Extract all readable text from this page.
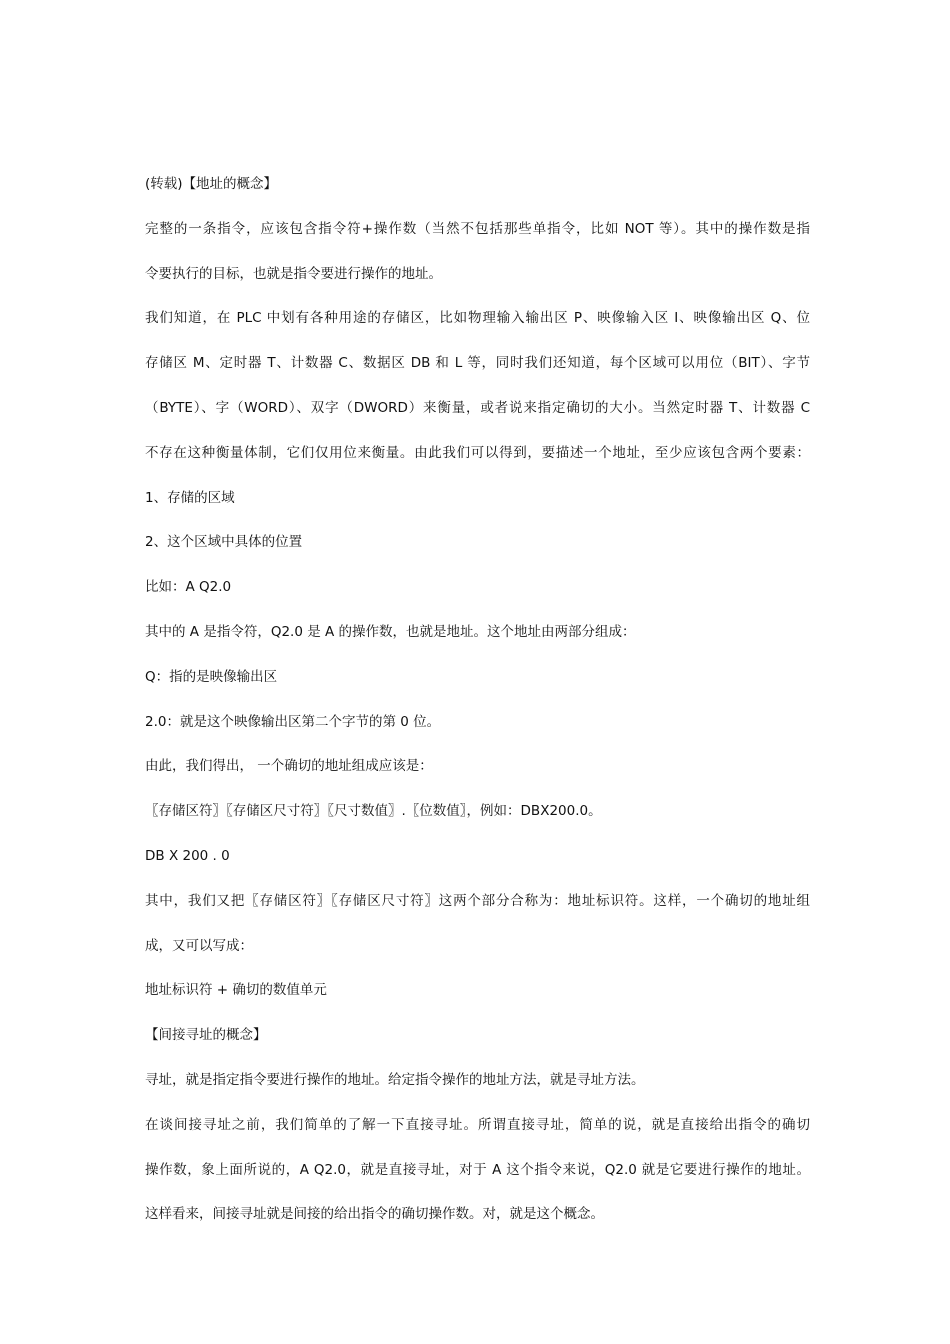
(转载)【地址的概念】
完整的一条指令，应该包含指令符+操作数（当然不包括那些单指令，比如 NOT 等）。其中的操作数是指
令要执行的目标，也就是指令要进行操作的地址。
我们知道，在 PLC 中划有各种用途的存储区，比如物理输入输出区 P、映像输入区 I、映像输出区 Q、位
存储区 M、定时器 T、计数器 C、数据区 DB 和 L 等，同时我们还知道，每个区域可以用位（BIT）、字节
（BYTE）、字（WORD）、双字（DWORD）来衡量，或者说来指定确切的大小。当然定时器 T、计数器 C
不存在这种衡量体制，它们仅用位来衡量。由此我们可以得到，要描述一个地址，至少应该包含两个要素：
1、存储的区域
2、这个区域中具体的位置
比如：A Q2.0
其中的 A 是指令符，Q2.0 是 A 的操作数，也就是地址。这个地址由两部分组成：
Q：指的是映像输出区
2.0：就是这个映像输出区第二个字节的第 0 位。
由此，我们得出， 一个确切的地址组成应该是：
〖存储区符〗〖存储区尺寸符〗〖尺寸数值〗.〖位数值〗，例如：DBX200.0。
DB X 200 . 0
其中，我们又把〖存储区符〗〖存储区尺寸符〗这两个部分合称为：地址标识符。这样，一个确切的地址组
成，又可以写成：
地址标识符 + 确切的数值单元
【间接寻址的概念】
寻址，就是指定指令要进行操作的地址。给定指令操作的地址方法，就是寻址方法。
在谈间接寻址之前，我们简单的了解一下直接寻址。所谓直接寻址，简单的说，就是直接给出指令的确切
操作数，象上面所说的，A Q2.0，就是直接寻址，对于 A 这个指令来说，Q2.0 就是它要进行操作的地址。
这样看来，间接寻址就是间接的给出指令的确切操作数。对，就是这个概念。
